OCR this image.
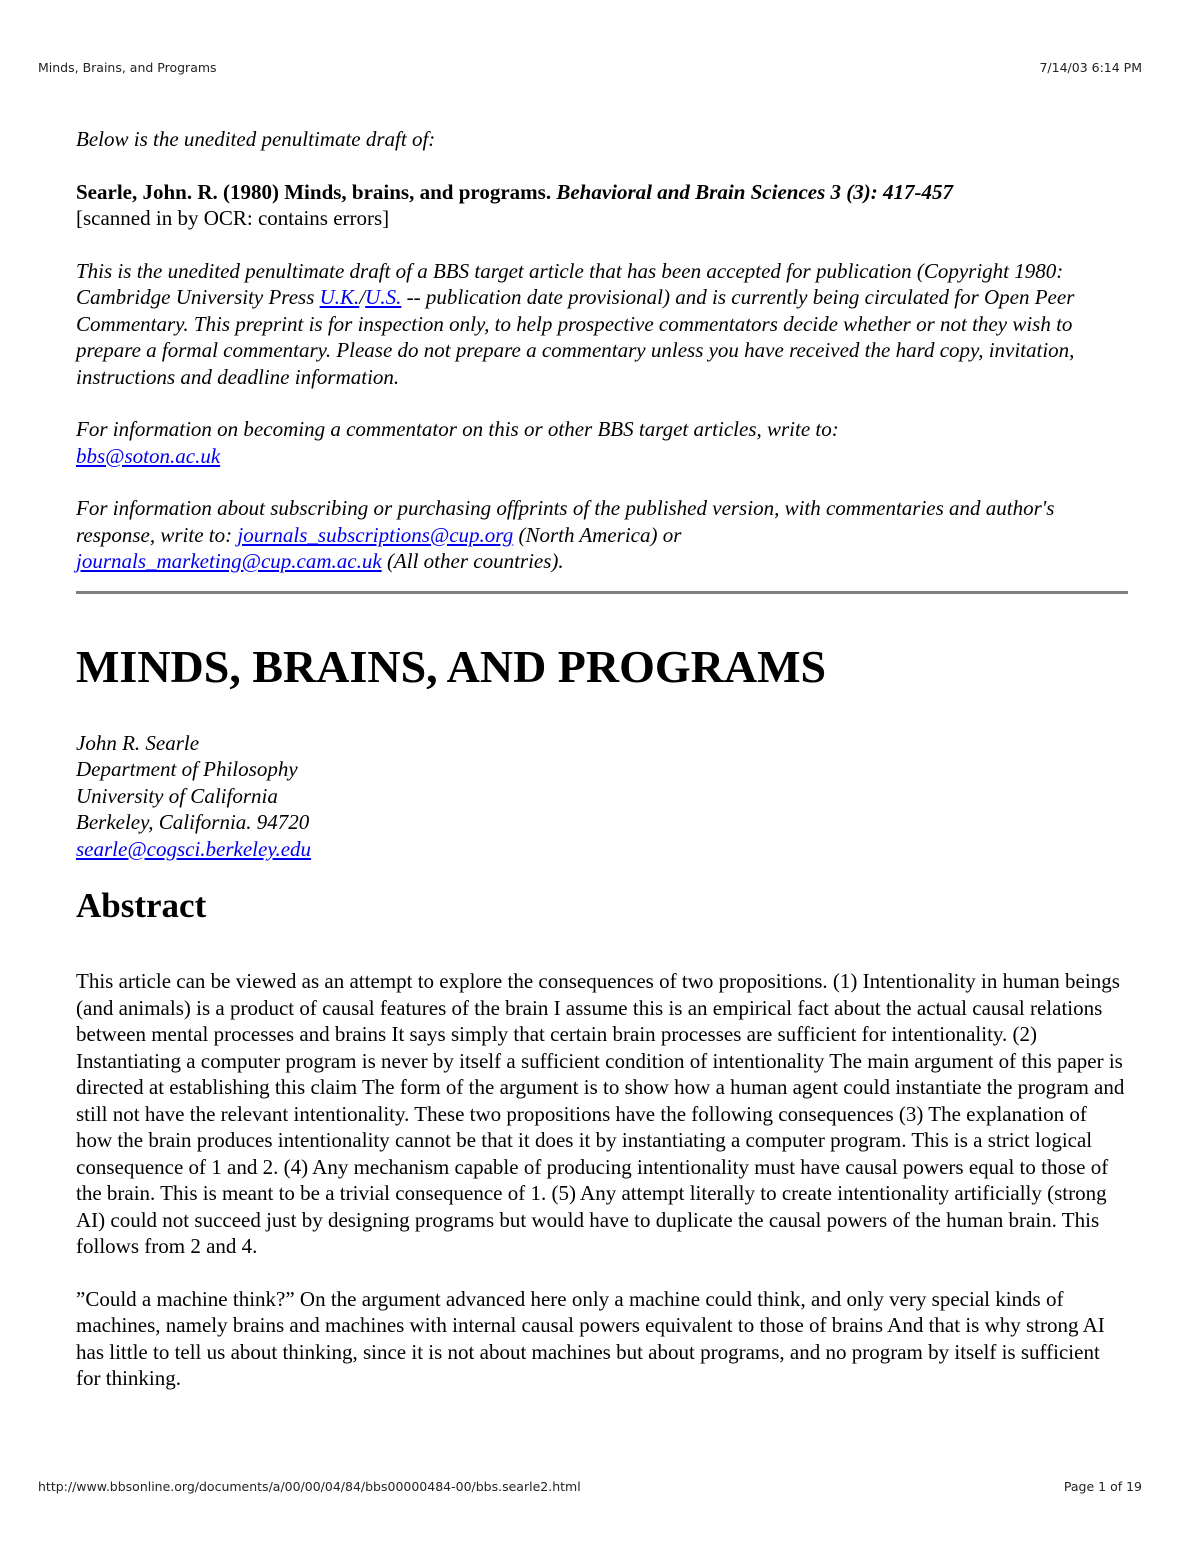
Minds, Brains, and Programs	7/14/03 6:14 PM

Below is the unedited penultimate draft of:

Searle, John. R. (1980) Minds, brains, and programs. Behavioral and Brain Sciences 3 (3): 417-457
[scanned in by OCR: contains errors]

This is the unedited penultimate draft of a BBS target article that has been accepted for publication (Copyright 1980: Cambridge University Press U.K./U.S. -- publication date provisional) and is currently being circulated for Open Peer Commentary. This preprint is for inspection only, to help prospective commentators decide whether or not they wish to prepare a formal commentary. Please do not prepare a commentary unless you have received the hard copy, invitation, instructions and deadline information.

For information on becoming a commentator on this or other BBS target articles, write to:
bbs@soton.ac.uk

For information about subscribing or purchasing offprints of the published version, with commentaries and author's response, write to: journals_subscriptions@cup.org (North America) or
journals_marketing@cup.cam.ac.uk (All other countries).

MINDS, BRAINS, AND PROGRAMS

John R. Searle
Department of Philosophy
University of California
Berkeley, California. 94720
searle@cogsci.berkeley.edu

Abstract

This article can be viewed as an attempt to explore the consequences of two propositions. (1) Intentionality in human beings (and animals) is a product of causal features of the brain I assume this is an empirical fact about the actual causal relations between mental processes and brains It says simply that certain brain processes are sufficient for intentionality. (2) Instantiating a computer program is never by itself a sufficient condition of intentionality The main argument of this paper is directed at establishing this claim The form of the argument is to show how a human agent could instantiate the program and still not have the relevant intentionality. These two propositions have the following consequences (3) The explanation of how the brain produces intentionality cannot be that it does it by instantiating a computer program. This is a strict logical consequence of 1 and 2. (4) Any mechanism capable of producing intentionality must have causal powers equal to those of the brain. This is meant to be a trivial consequence of 1. (5) Any attempt literally to create intentionality artificially (strong AI) could not succeed just by designing programs but would have to duplicate the causal powers of the human brain. This follows from 2 and 4.

”Could a machine think?” On the argument advanced here only a machine could think, and only very special kinds of machines, namely brains and machines with internal causal powers equivalent to those of brains And that is why strong AI has little to tell us about thinking, since it is not about machines but about programs, and no program by itself is sufficient for thinking.

http://www.bbsonline.org/documents/a/00/00/04/84/bbs00000484-00/bbs.searle2.html	Page 1 of 19
